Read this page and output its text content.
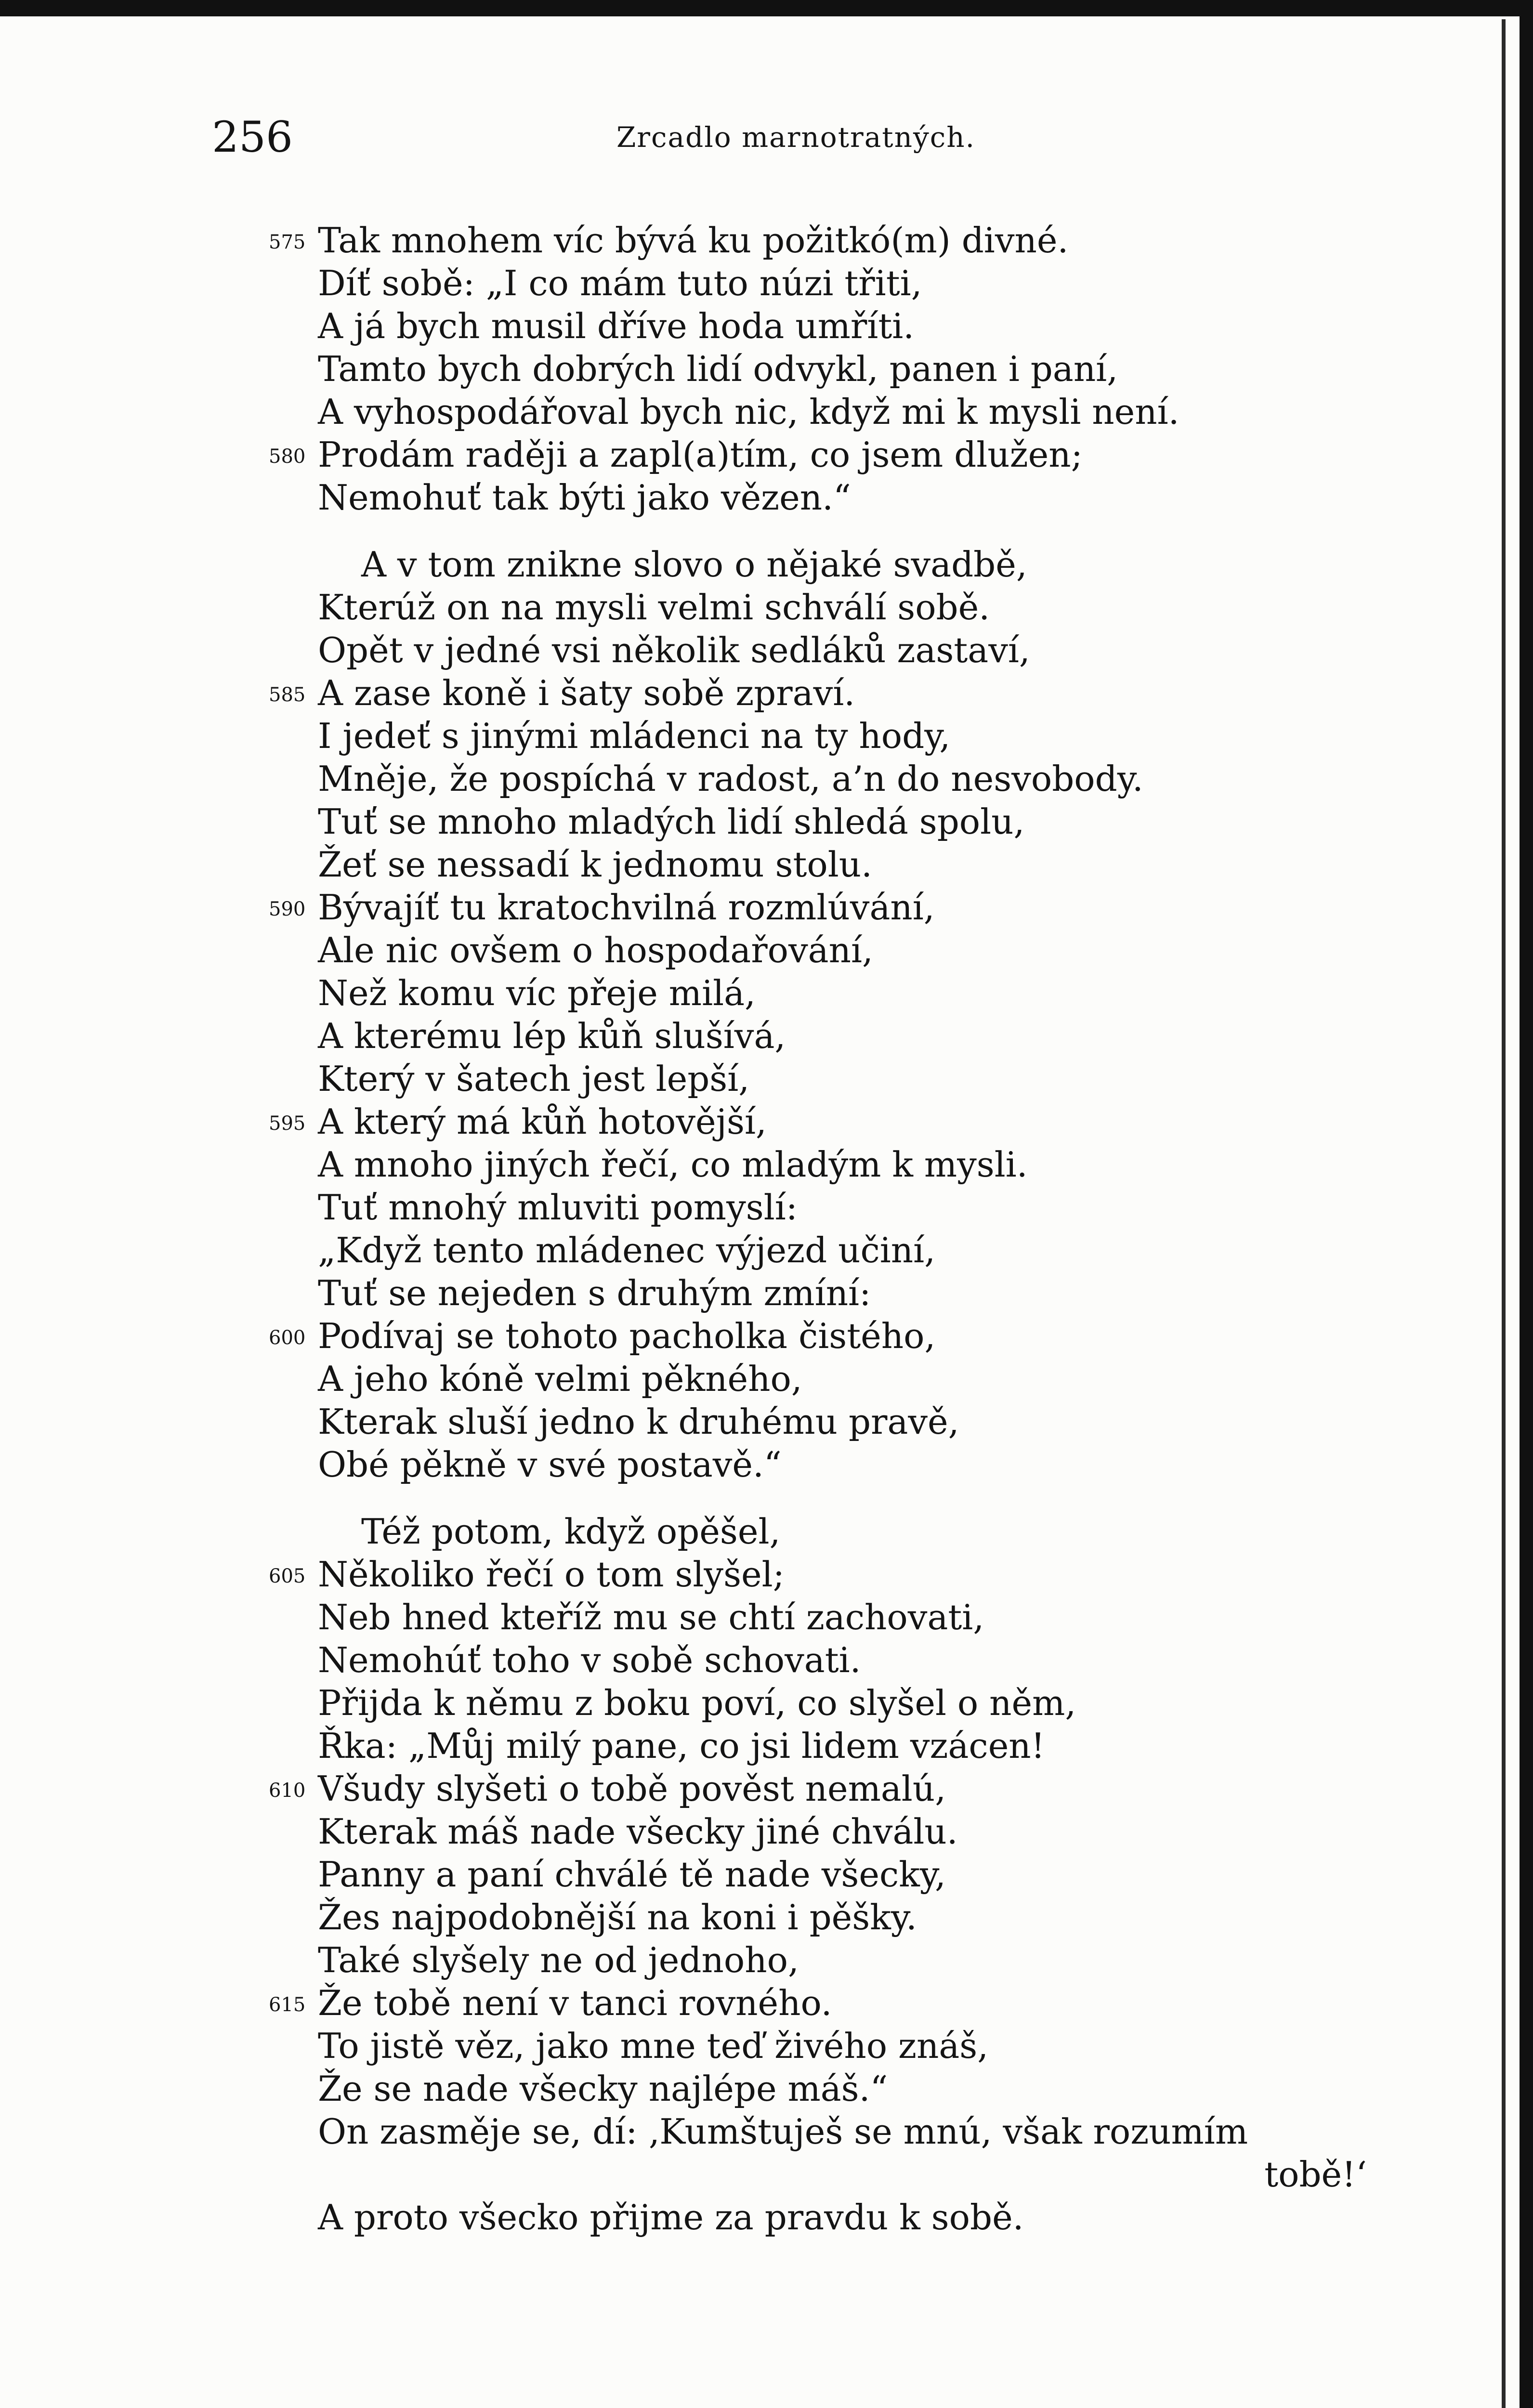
256	Zrcadlo marnotratných.
575 Tak mnohem víc bývá ku požitkó(m) divné.
Díť sobě: „I co mám tuto núzi třiti,
A já bych musil dříve hoda umříti.
Tamto bych dobrých lidí odvykl, panen i paní,
A vyhospodářoval bych nic, když mi k mysli není.
580 Prodám raději a zapl(a)tím, co jsem dlužen;
Nemohuť tak býti jako vězen.“
A v tom znikne slovo o nějaké svadbě,
Kterúž on na mysli velmi schválí sobě.
Opět v jedné vsi několik sedláků zastaví,
585 A zase koně i šaty sobě zpraví.
I jedeť s jinými mládenci na ty hody,
Mněje, že pospíchá v radost, a’n do nesvobody.
Tuť se mnoho mladých lidí shledá spolu,
Žeť se nessadí k jednomu stolu.
590 Bývajíť tu kratochvilná rozmlúvání,
Ale nic ovšem o hospodařování,
Než komu víc přeje milá,
A kterému lép kůň slušívá,
Který v šatech jest lepší,
595 A který má kůň hotovější,
A mnoho jiných řečí, co mladým k mysli.
Tuť mnohý mluviti pomyslí:
„Když tento mládenec výjezd učiní,
Tuť se nejeden s druhým zmíní:
600 Podívaj se tohoto pacholka čistého,
A jeho kóně velmi pěkného,
Kterak sluší jedno k druhému pravě,
Obé pěkně v své postavě.“
Též potom, když opěšel,
605 Několiko řečí o tom slyšel;
Neb hned kteříž mu se chtí zachovati,
Nemohúť toho v sobě schovati.
Přijda k němu z boku poví, co slyšel o něm,
Řka: „Můj milý pane, co jsi lidem vzácen!
610 Všudy slyšeti o tobě pověst nemalú,
Kterak máš nade všecky jiné chválu.
Panny a paní chválé tě nade všecky,
Žes najpodobnější na koni i pěšky.
Také slyšely ne od jednoho,
615 Že tobě není v tanci rovného.
To jistě věz, jako mne teď živého znáš,
Že se nade všecky najlépe máš.“
On zasměje se, dí: ‚Kumštuješ se mnú, však rozumím
tobě!‘
A proto všecko přijme za pravdu k sobě.
